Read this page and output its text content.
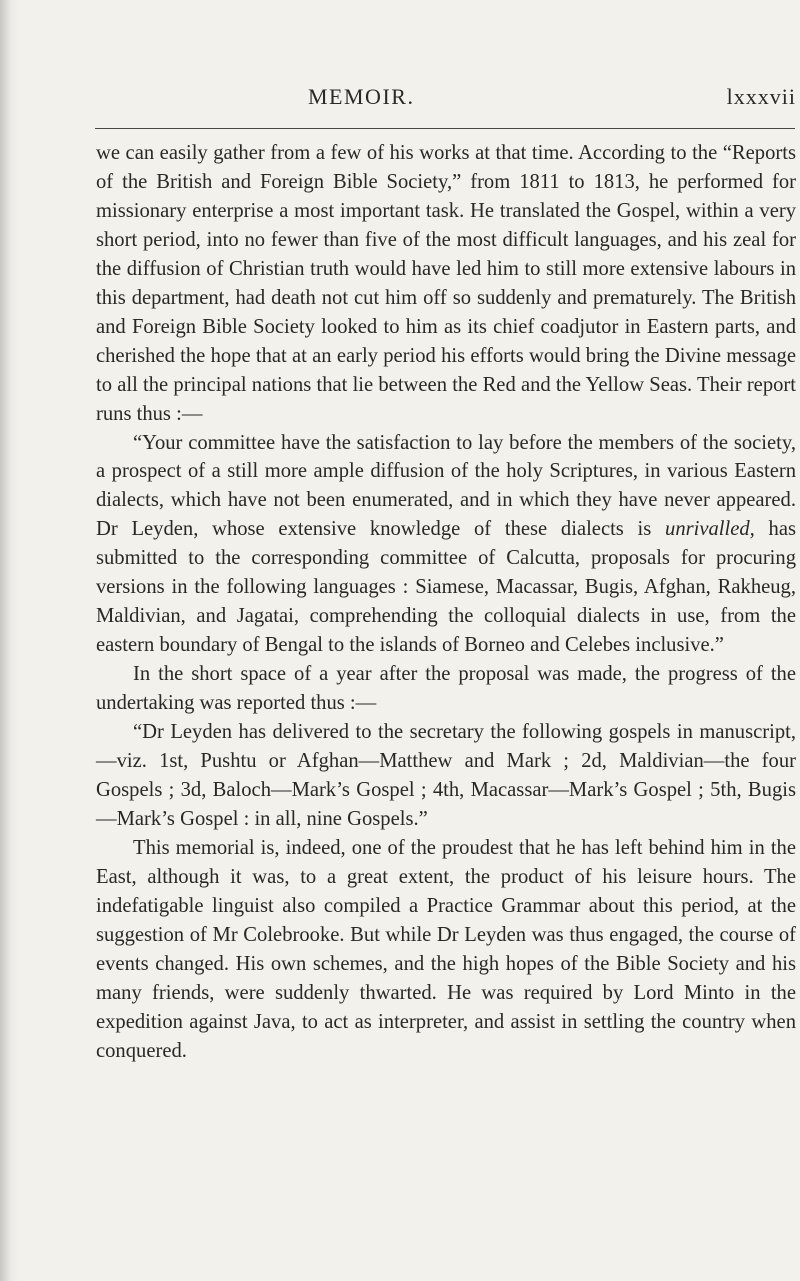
MEMOIR.	lxxxvii

we can easily gather from a few of his works at that time. According to the “Reports of the British and Foreign Bible Society,” from 1811 to 1813, he performed for missionary enterprise a most important task. He translated the Gospel, within a very short period, into no fewer than five of the most difficult languages, and his zeal for the diffusion of Christian truth would have led him to still more extensive labours in this department, had death not cut him off so suddenly and prematurely. The British and Foreign Bible Society looked to him as its chief coadjutor in Eastern parts, and cherished the hope that at an early period his efforts would bring the Divine message to all the principal nations that lie between the Red and the Yellow Seas. Their report runs thus :—

“Your committee have the satisfaction to lay before the members of the society, a prospect of a still more ample diffusion of the holy Scriptures, in various Eastern dialects, which have not been enumerated, and in which they have never appeared. Dr Leyden, whose extensive knowledge of these dialects is unrivalled, has submitted to the corresponding committee of Calcutta, proposals for procuring versions in the following languages : Siamese, Macassar, Bugis, Afghan, Rakheug, Maldivian, and Jagatai, comprehending the colloquial dialects in use, from the eastern boundary of Bengal to the islands of Borneo and Celebes inclusive.”

In the short space of a year after the proposal was made, the progress of the undertaking was reported thus :—

“Dr Leyden has delivered to the secretary the following gospels in manuscript,—viz. 1st, Pushtu or Afghan—Matthew and Mark ; 2d, Maldivian—the four Gospels ; 3d, Baloch—Mark’s Gospel ; 4th, Macassar—Mark’s Gospel ; 5th, Bugis—Mark’s Gospel : in all, nine Gospels.”

This memorial is, indeed, one of the proudest that he has left behind him in the East, although it was, to a great extent, the product of his leisure hours. The indefatigable linguist also compiled a Practice Grammar about this period, at the suggestion of Mr Colebrooke. But while Dr Leyden was thus engaged, the course of events changed. His own schemes, and the high hopes of the Bible Society and his many friends, were suddenly thwarted. He was required by Lord Minto in the expedition against Java, to act as interpreter, and assist in settling the country when conquered.
